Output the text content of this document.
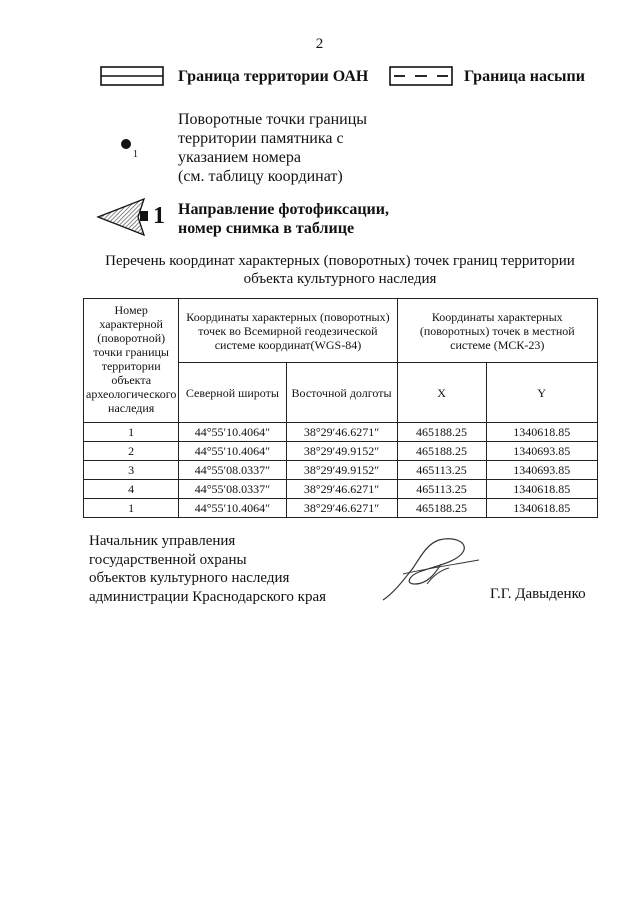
2
Граница территории ОАН	Граница насыпи
1
Поворотные точки границы
территории памятника с
указанием номера
(см. таблицу координат)
1 Направление фотофиксации,
номер снимка в таблице
Перечень координат характерных (поворотных) точек границ территории
объекта культурного наследия
Номер характерной (поворотной) точки границы территории объекта археологического наследия	Координаты характерных (поворотных) точек во Всемирной геодезической системе координат(WGS-84)		Координаты характерных (поворотных) точек в местной системе (МСК-23)	
	Северной широты	Восточной долготы	X	Y
1	44°55′10.4064″	38°29′46.6271″	465188.25	1340618.85
2	44°55′10.4064″	38°29′49.9152″	465188.25	1340693.85
3	44°55′08.0337″	38°29′49.9152″	465113.25	1340693.85
4	44°55′08.0337″	38°29′46.6271″	465113.25	1340618.85
1	44°55′10.4064″	38°29′46.6271″	465188.25	1340618.85
Начальник управления
государственной охраны
объектов культурного наследия
администрации Краснодарского края	Г.Г. Давыденко
